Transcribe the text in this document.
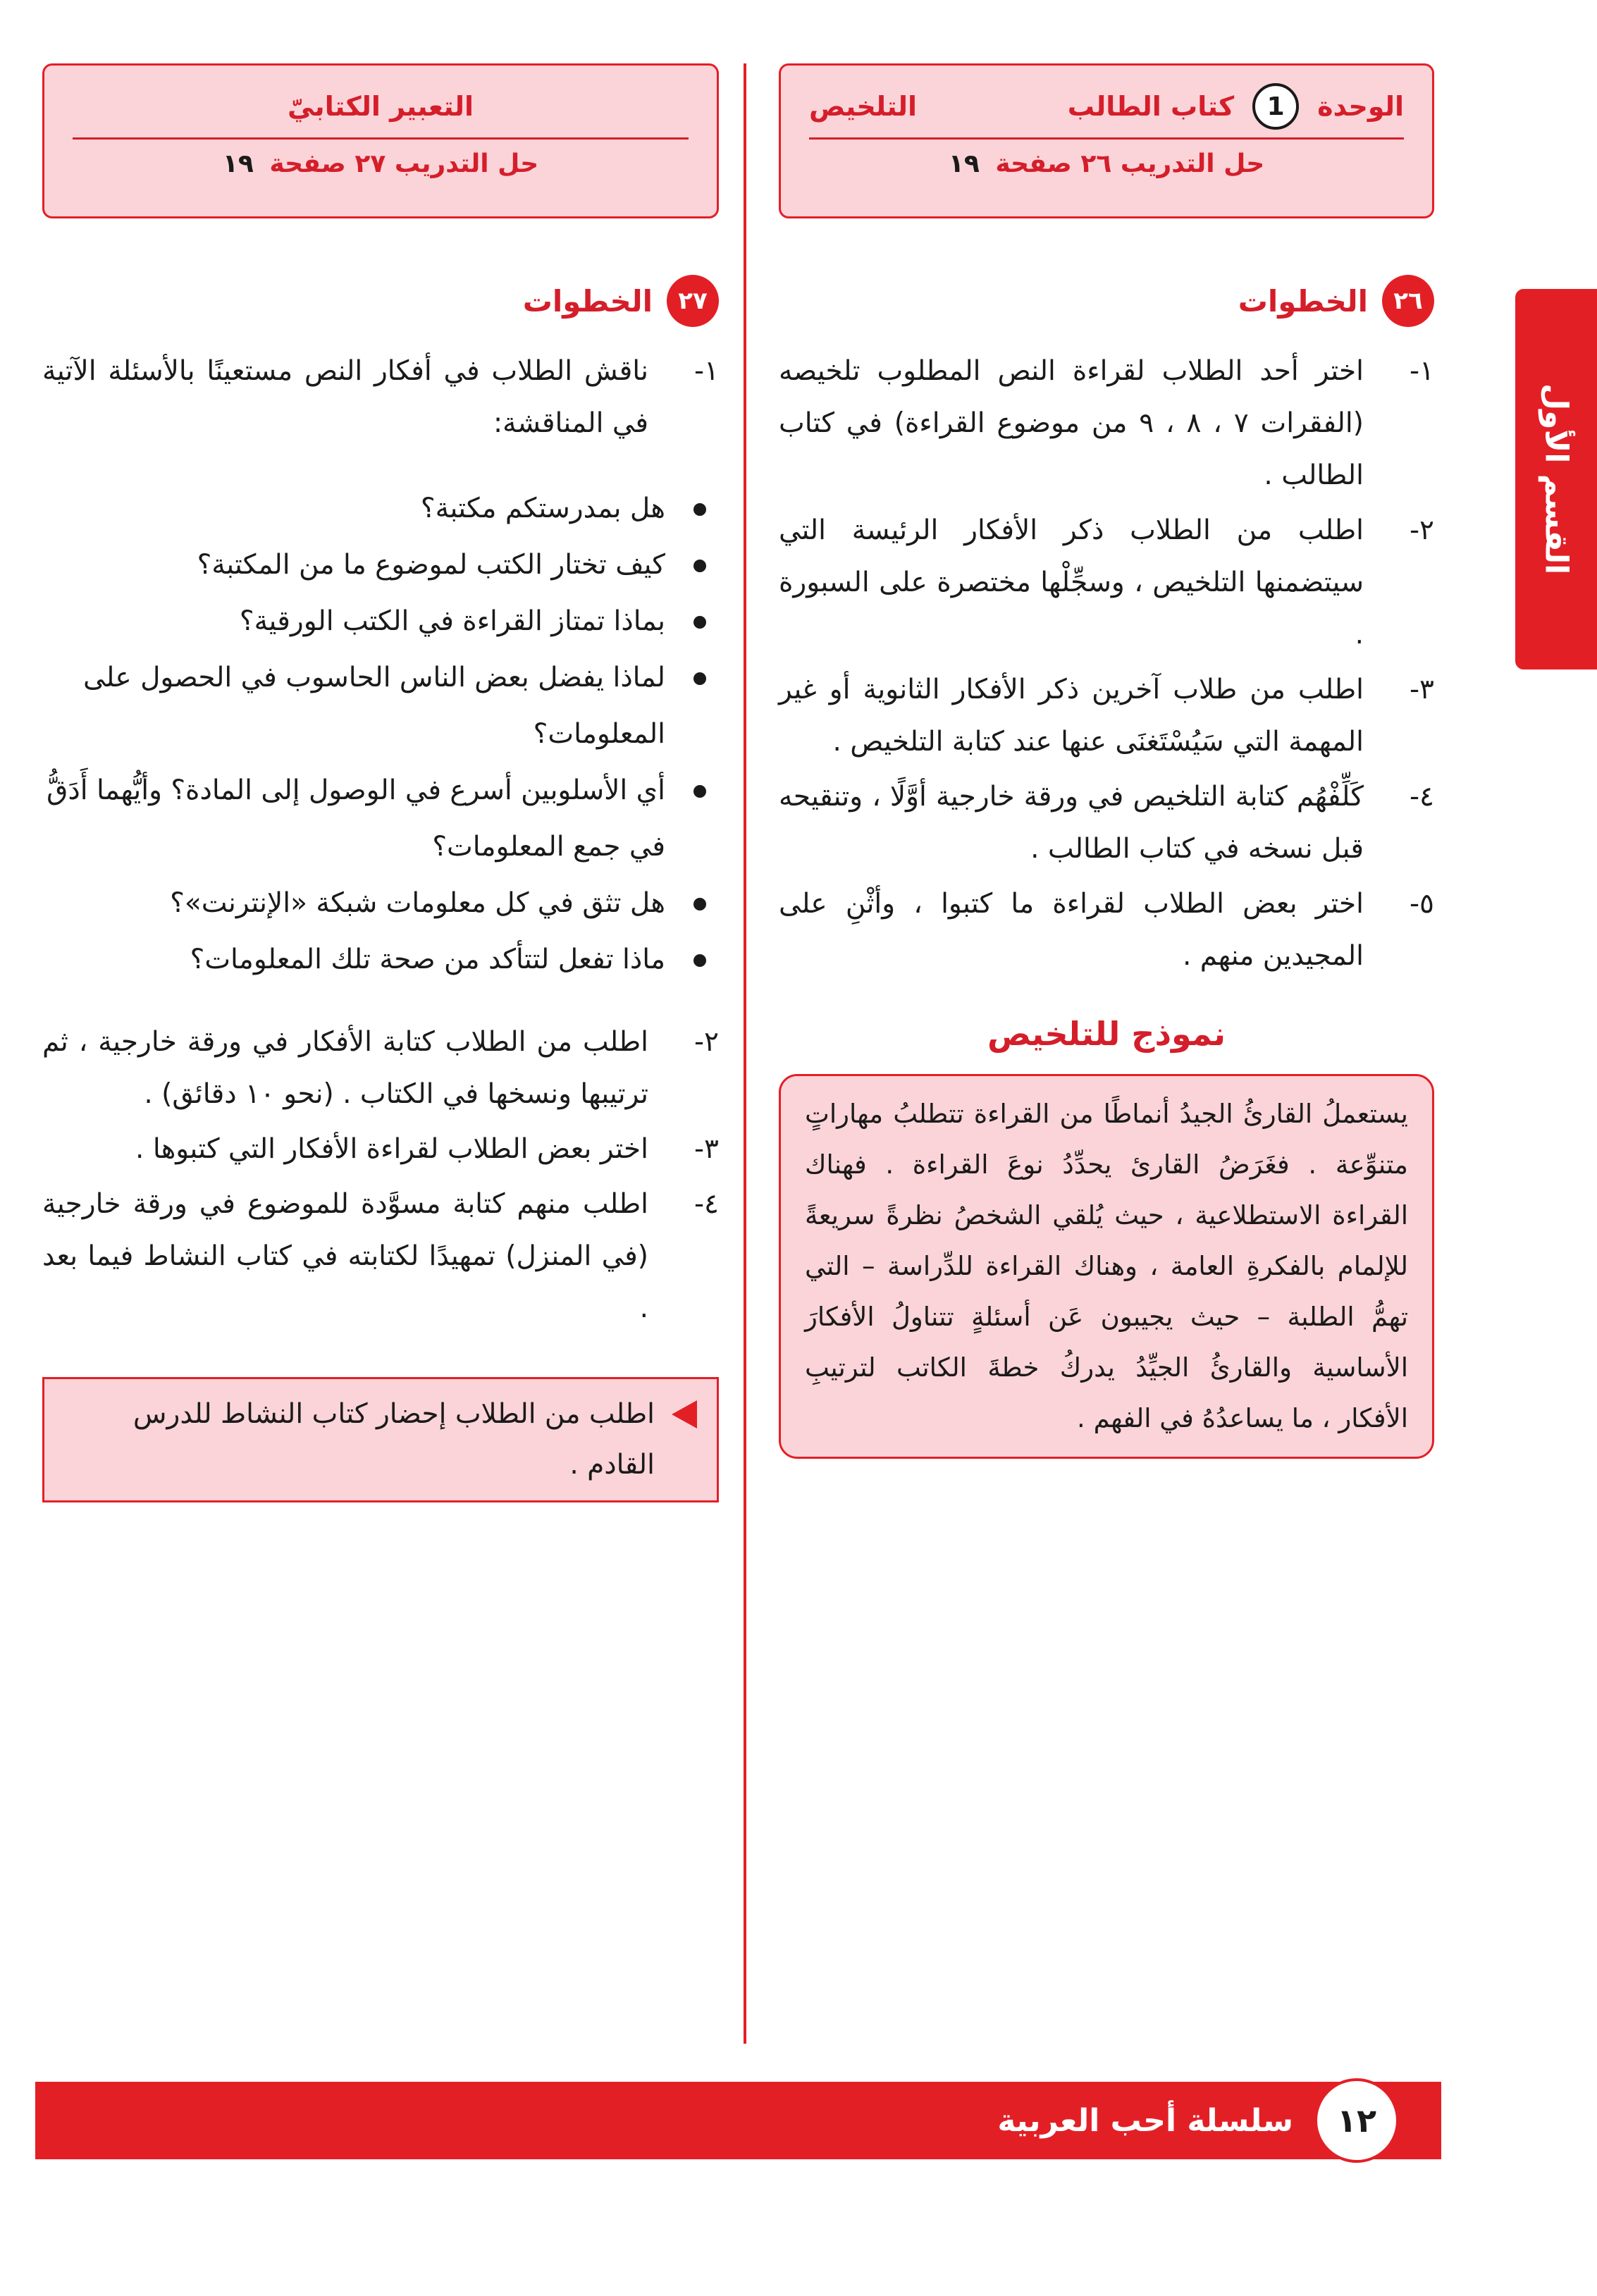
القسم الأول
الوحدة
1
كتاب الطالب
التلخيص
حل التدريب ٢٦ صفحة ١٩
٢٦
الخطوات
١-
اختر أحد الطلاب لقراءة النص المطلوب تلخيصه (الفقرات ٧ ، ٨ ، ٩ من موضوع القراءة) في كتاب الطالب .
٢-
اطلب من الطلاب ذكر الأفكار الرئيسة التي سيتضمنها التلخيص ، وسجِّلْها مختصرة على السبورة .
٣-
اطلب من طلاب آخرين ذكر الأفكار الثانوية أو غير المهمة التي سَيُسْتَغنَى عنها عند كتابة التلخيص .
٤-
كَلِّفْهُم كتابة التلخيص في ورقة خارجية أوَّلًا ، وتنقيحه قبل نسخه في كتاب الطالب .
٥-
اختر بعض الطلاب لقراءة ما كتبوا ، وأثْنِ على المجيدين منهم .
نموذج للتلخيص
يستعملُ القارئُ الجيدُ أنماطًا من القراءة تتطلبُ مهاراتٍ متنوِّعة . فغَرَضُ القارئ يحدِّدُ نوعَ القراءة . فهناك القراءة الاستطلاعية ، حيث يُلقي الشخصُ نظرةً سريعةً للإلمام بالفكرةِ العامة ، وهناك القراءة للدِّراسة – التي تهمُّ الطلبة – حيث يجيبون عَن أسئلةٍ تتناولُ الأفكارَ الأساسية والقارئُ الجيِّدُ يدركُ خطةَ الكاتب لترتيبِ الأفكار ، ما يساعدُهُ في الفهم .
التعبير الكتابيّ
حل التدريب ٢٧ صفحة ١٩
٢٧
الخطوات
١-
ناقش الطلاب في أفكار النص مستعينًا بالأسئلة الآتية في المناقشة:
هل بمدرستكم مكتبة؟
كيف تختار الكتب لموضوع ما من المكتبة؟
بماذا تمتاز القراءة في الكتب الورقية؟
لماذا يفضل بعض الناس الحاسوب في الحصول على المعلومات؟
أي الأسلوبين أسرع في الوصول إلى المادة؟ وأيُّهما أَدَقُّ في جمع المعلومات؟
هل تثق في كل معلومات شبكة «الإنترنت»؟
ماذا تفعل لتتأكد من صحة تلك المعلومات؟
٢-
اطلب من الطلاب كتابة الأفكار في ورقة خارجية ، ثم ترتيبها ونسخها في الكتاب . (نحو ١٠ دقائق) .
٣-
اختر بعض الطلاب لقراءة الأفكار التي كتبوها .
٤-
اطلب منهم كتابة مسوَّدة للموضوع في ورقة خارجية (في المنزل) تمهيدًا لكتابته في كتاب النشاط فيما بعد .
اطلب من الطلاب إحضار كتاب النشاط للدرس القادم .
١٢
سلسلة أحب العربية
